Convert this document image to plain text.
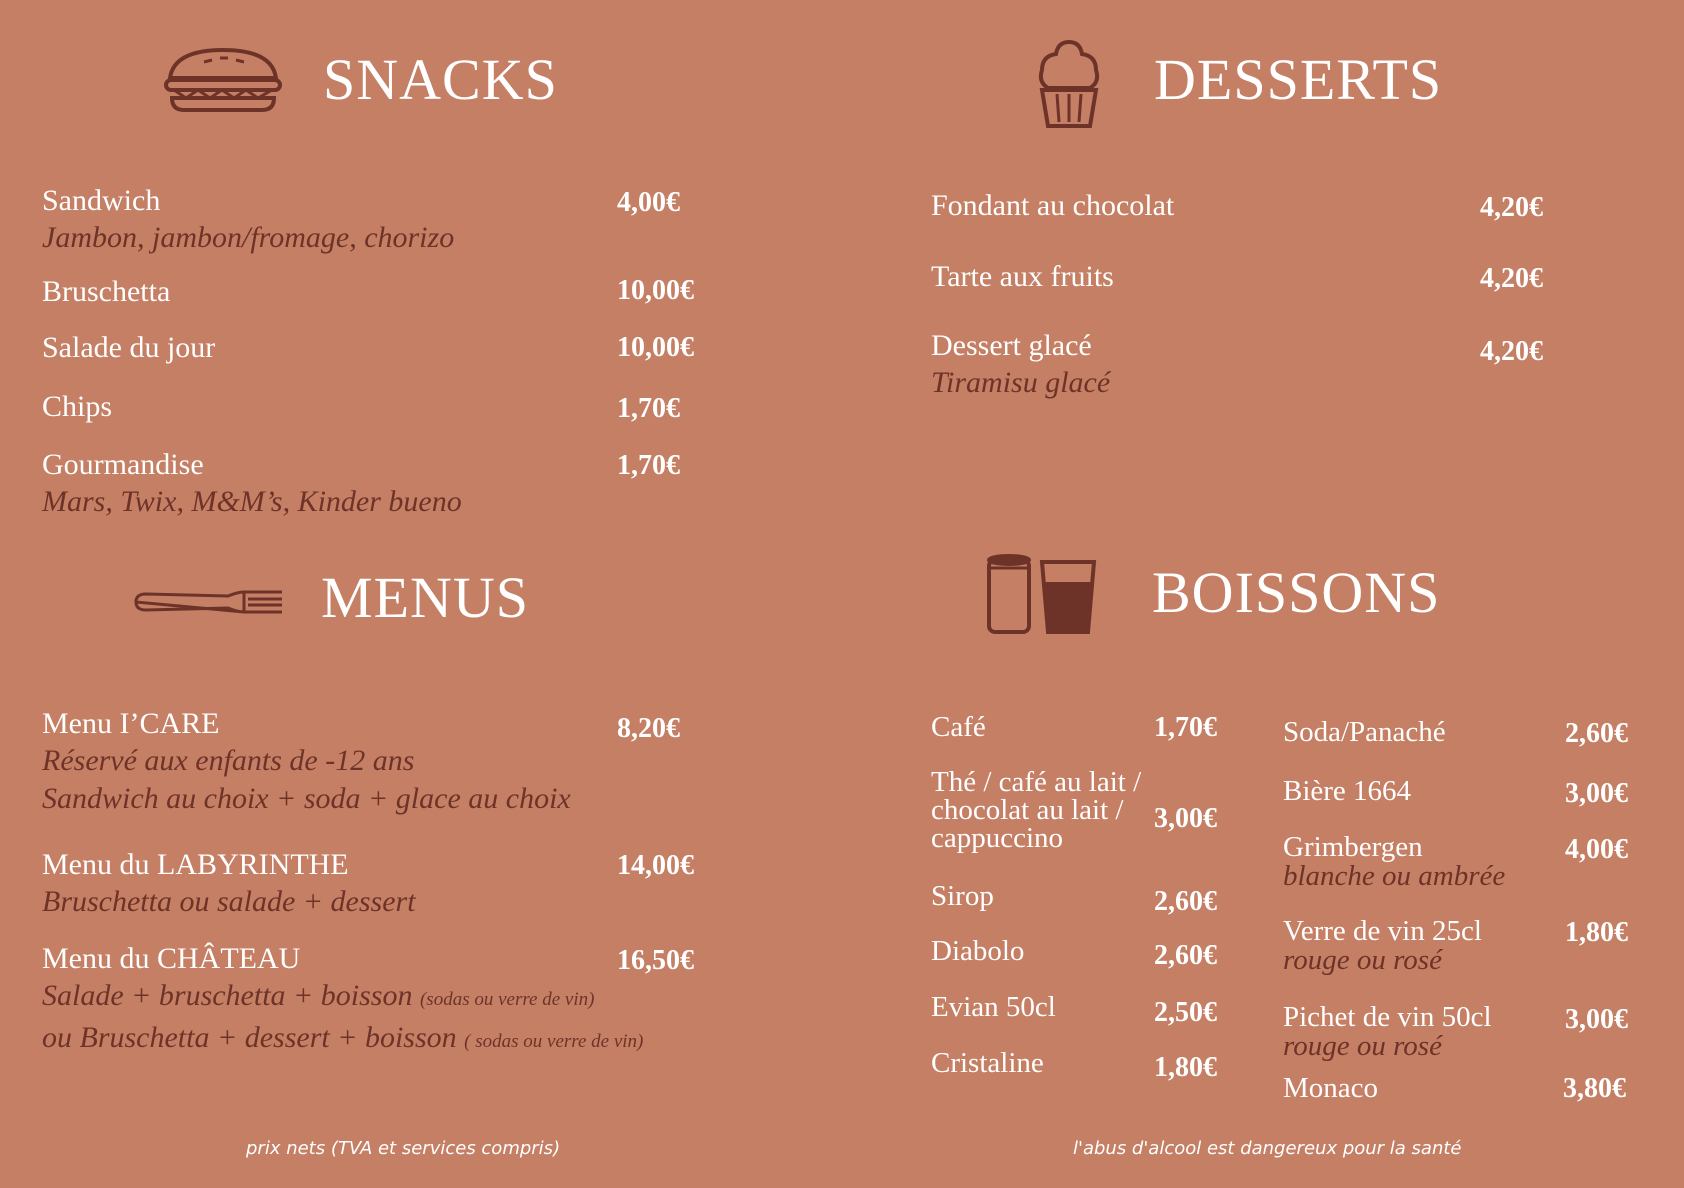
SNACKS
Sandwich
Jambon, jambon/fromage, chorizo
4,00€
Bruschetta	10,00€
Salade du jour	10,00€
Chips	1,70€
Gourmandise
Mars, Twix, M&M’s, Kinder bueno
1,70€
MENUS
Menu I’CARE
Réservé aux enfants de -12 ans
Sandwich au choix + soda + glace au choix
8,20€
Menu du LABYRINTHE
Bruschetta ou salade + dessert
14,00€
Menu du CHÂTEAU
Salade + bruschetta + boisson (sodas ou verre de vin)
ou Bruschetta + dessert + boisson ( sodas ou verre de vin)
16,50€
prix nets (TVA et services compris)
DESSERTS
Fondant au chocolat	4,20€
Tarte aux fruits	4,20€
Dessert glacé
Tiramisu glacé
4,20€
BOISSONS
Café	1,70€
Thé / café au lait /
chocolat au lait /
cappuccino
3,00€
Sirop	2,60€
Diabolo	2,60€
Evian 50cl	2,50€
Cristaline	1,80€
Soda/Panaché	2,60€
Bière 1664	3,00€
Grimbergen
blanche ou ambrée
4,00€
Verre de vin 25cl
rouge ou rosé
1,80€
Pichet de vin 50cl
rouge ou rosé
3,00€
Monaco	3,80€
l'abus d'alcool est dangereux pour la santé
